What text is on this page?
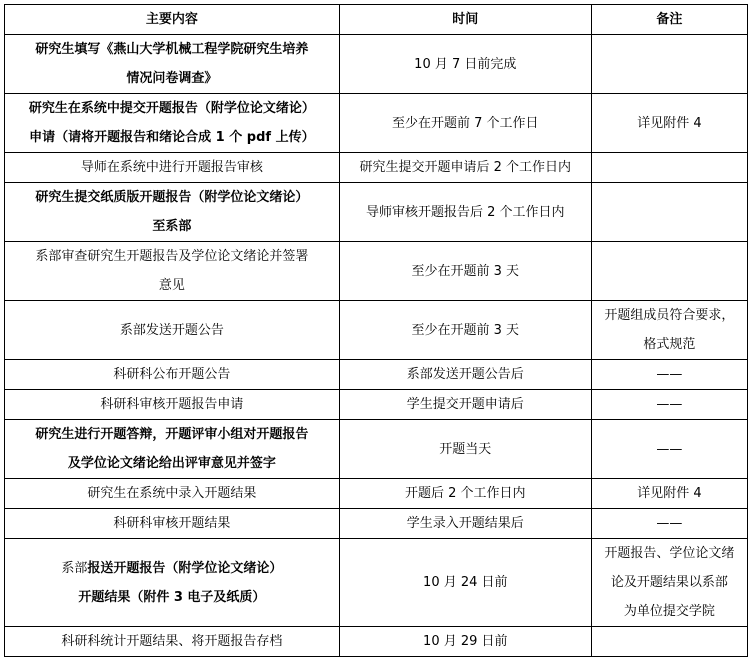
主要内容	时间	备注

研究生填写《燕山大学机械工程学院研究生培养
情况问卷调查》	10 月 7 日前完成	

研究生在系统中提交开题报告（附学位论文绪论）
申请（请将开题报告和绪论合成 1 个 pdf 上传）	至少在开题前 7 个工作日	详见附件 4

导师在系统中进行开题报告审核	研究生提交开题申请后 2 个工作日内	

研究生提交纸质版开题报告（附学位论文绪论）
至系部	导师审核开题报告后 2 个工作日内	

系部审查研究生开题报告及学位论文绪论并签署
意见	至少在开题前 3 天	

系部发送开题公告	至少在开题前 3 天	开题组成员符合要求，
格式规范

科研科公布开题公告	系部发送开题公告后	——

科研科审核开题报告申请	学生提交开题申请后	——

研究生进行开题答辩，开题评审小组对开题报告
及学位论文绪论给出评审意见并签字	开题当天	——

研究生在系统中录入开题结果	开题后 2 个工作日内	详见附件 4

科研科审核开题结果	学生录入开题结果后	——

系部报送开题报告（附学位论文绪论）
开题结果（附件 3 电子及纸质）	10 月 24 日前	开题报告、学位论文绪
论及开题结果以系部
为单位提交学院

科研科统计开题结果、将开题报告存档	10 月 29 日前	
